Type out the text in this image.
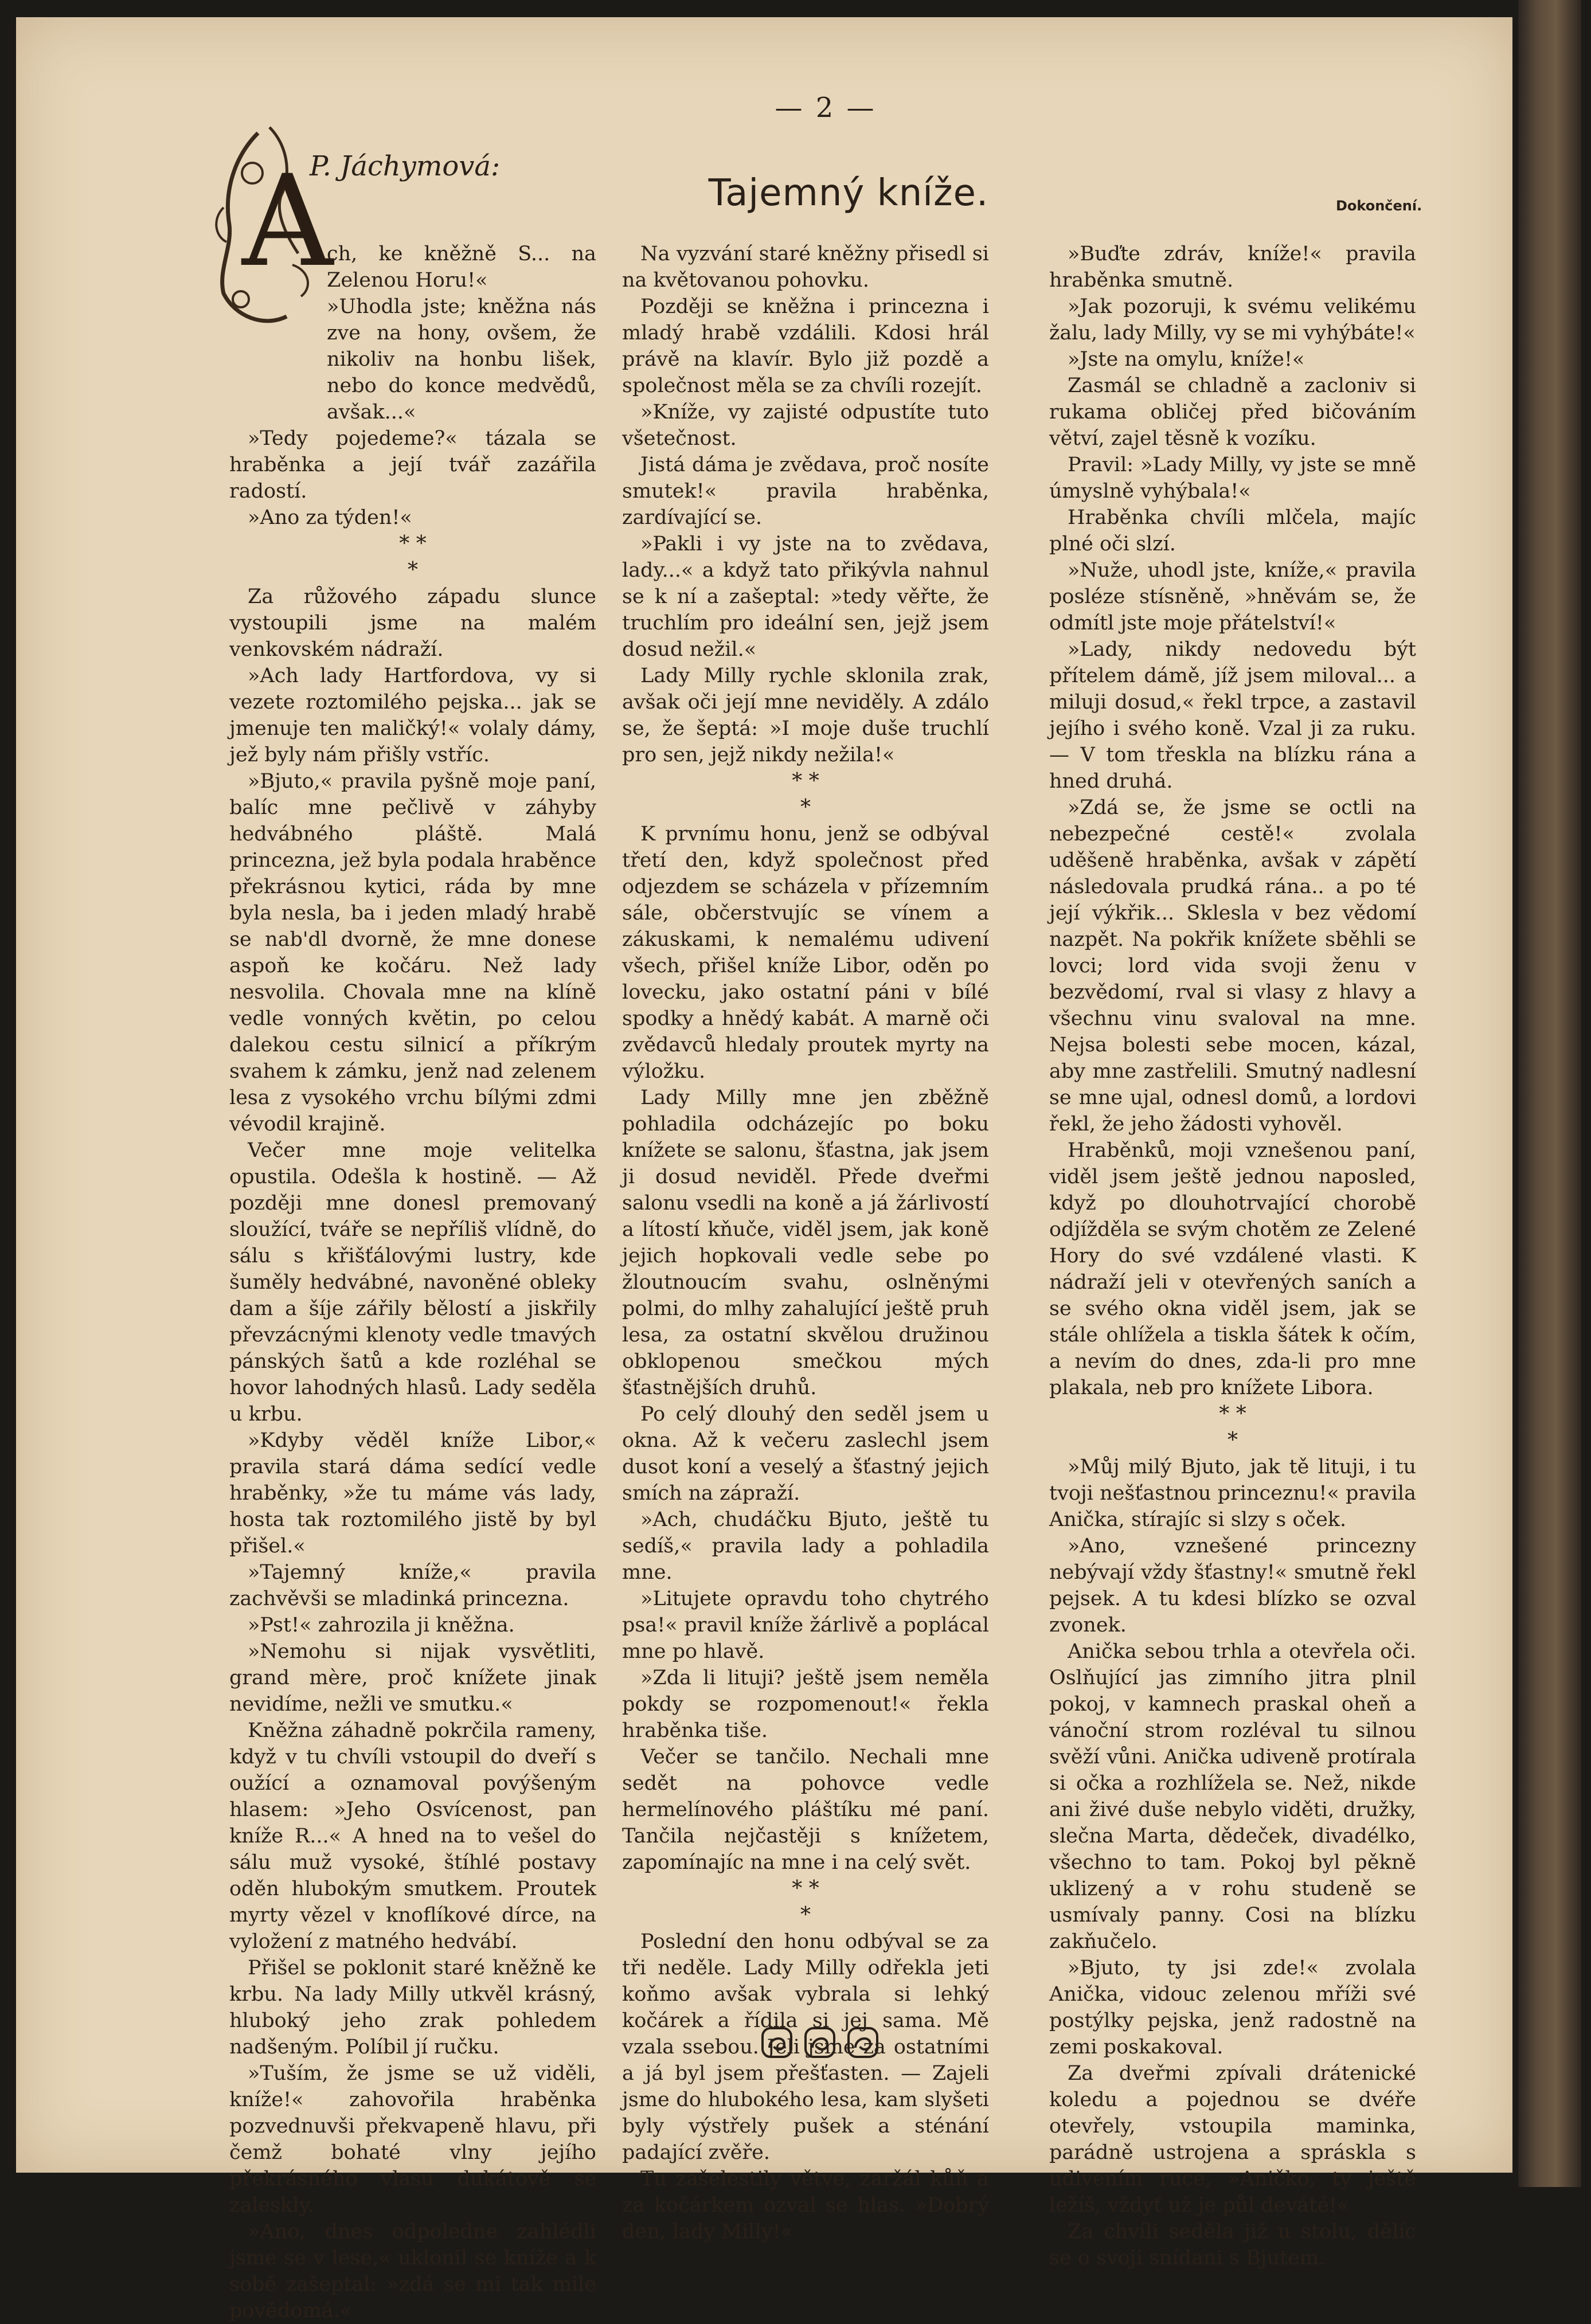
— 2 —
A
P. Jáchymová:
Tajemný kníže.	Dokončení.

ch, ke kněžně S... na Zelenou Horu!«

»Uhodla jste; kněžna nás zve na hony, ovšem, že nikoliv na honbu lišek, nebo do konce medvědů, avšak...«

»Tedy pojedeme?« tázala se hraběnka a její tvář zazářila radostí.

»Ano za týden!«

* *
*

Za růžového západu slunce vystoupili jsme na malém venkovském nádraží.

»Ach lady Hartfordova, vy si vezete roztomilého pejska... jak se jmenuje ten maličký!« volaly dámy, jež byly nám přišly vstříc.

»Bjuto,« pravila pyšně moje paní, balíc mne pečlivě v záhyby hedvábného pláště. Malá princezna, jež byla podala hraběnce překrásnou kytici, ráda by mne byla nesla, ba i jeden mladý hrabě se nab'dl dvorně, že mne donese aspoň ke kočáru. Než lady nesvolila. Chovala mne na klíně vedle vonných květin, po celou dalekou cestu silnicí a příkrým svahem k zámku, jenž nad zelenem lesa z vysokého vrchu bílými zdmi vévodil krajině.

Večer mne moje velitelka opustila. Odešla k hostině. — Až později mne donesl premovaný sloužící, tváře se nepříliš vlídně, do sálu s křišťálovými lustry, kde šuměly hedvábné, navoněné obleky dam a šíje zářily bělostí a jiskřily převzácnými klenoty vedle tmavých pánských šatů a kde rozléhal se hovor lahodných hlasů. Lady seděla u krbu.

»Kdyby věděl kníže Libor,« pravila stará dáma sedící vedle hraběnky, »že tu máme vás lady, hosta tak roztomilého jistě by byl přišel.«

»Tajemný kníže,« pravila zachvěvši se mladinká princezna.

»Pst!« zahrozila ji kněžna.

»Nemohu si nijak vysvětliti, grand mère, proč knížete jinak nevidíme, nežli ve smutku.«

Kněžna záhadně pokrčila rameny, když v tu chvíli vstoupil do dveří s oužící a oznamoval povýšeným hlasem: »Jeho Osvícenost, pan kníže R...« A hned na to vešel do sálu muž vysoké, štíhlé postavy oděn hlubokým smutkem. Proutek myrty vězel v knoflíkové dírce, na vyložení z matného hedvábí.

Přišel se poklonit staré kněžně ke krbu. Na lady Milly utkvěl krásný, hluboký jeho zrak pohledem nadšeným. Políbil jí ručku.

»Tuším, že jsme se už viděli, kníže!« zahovořila hraběnka pozvednuvši překvapeně hlavu, při čemž bohaté vlny jejího překrásného vlasu dukátově se zaleskly.

»Ano, dnes odpoledne zahlédli jsme se v lese,« uklonil se kníže a k sobě zašeptal: »zdá se mi tak mile povědomá.«

Na vyzvání staré kněžny přisedl si na květovanou pohovku.

Později se kněžna i princezna i mladý hrabě vzdálili. Kdosi hrál právě na klavír. Bylo již pozdě a společnost měla se za chvíli rozejít.

»Kníže, vy zajisté odpustíte tuto všetečnost.

Jistá dáma je zvědava, proč nosíte smutek!« pravila hraběnka, zardívající se.

»Pakli i vy jste na to zvědava, lady...« a když tato přikývla nahnul se k ní a zašeptal: »tedy věřte, že truchlím pro ideální sen, jejž jsem dosud nežil.«

Lady Milly rychle sklonila zrak, avšak oči její mne neviděly. A zdálo se, že šeptá: »I moje duše truchlí pro sen, jejž nikdy nežila!«

* *
*

K prvnímu honu, jenž se odbýval třetí den, když společnost před odjezdem se scházela v přízemním sále, občerstvujíc se vínem a zákuskami, k nemalému udivení všech, přišel kníže Libor, oděn po lovecku, jako ostatní páni v bílé spodky a hnědý kabát. A marně oči zvědavců hledaly proutek myrty na výložku.

Lady Milly mne jen zběžně pohladila odcházejíc po boku knížete se salonu, šťastna, jak jsem ji dosud neviděl. Přede dveřmi salonu vsedli na koně a já žárlivostí a lítostí kňuče, viděl jsem, jak koně jejich hopkovali vedle sebe po žloutnoucím svahu, oslněnými polmi, do mlhy zahalující ještě pruh lesa, za ostatní skvělou družinou obklopenou smečkou mých šťastnějších druhů.

Po celý dlouhý den seděl jsem u okna. Až k večeru zaslechl jsem dusot koní a veselý a šťastný jejich smích na zápraží.

»Ach, chudáčku Bjuto, ještě tu sedíš,« pravila lady a pohladila mne.

»Litujete opravdu toho chytrého psa!« pravil kníže žárlivě a poplácal mne po hlavě.

»Zda li lituji? ještě jsem neměla pokdy se rozpomenout!« řekla hraběnka tiše.

Večer se tančilo. Nechali mne sedět na pohovce vedle hermelínového pláštíku mé paní. Tančila nejčastěji s knížetem, zapomínajíc na mne i na celý svět.

* *
*

Poslední den honu odbýval se za tři neděle. Lady Milly odřekla jeti koňmo avšak vybrala si lehký kočárek a řídila si jej sama. Mě vzala ssebou. Jeli jsme za ostatními a já byl jsem přešťasten. — Zajeli jsme do hlubokého lesa, kam slyšeti byly výstřely pušek a sténání padající zvěře.

Tu zašelestily větve, zaržál kůň a za kočárkem ozval se hlas. »Dobrý den, lady Milly!«

»Buďte zdráv, kníže!« pravila hraběnka smutně.

»Jak pozoruji, k svému velikému žalu, lady Milly, vy se mi vyhýbáte!«

»Jste na omylu, kníže!«

Zasmál se chladně a zacloniv si rukama obličej před bičováním větví, zajel těsně k vozíku.

Pravil: »Lady Milly, vy jste se mně úmyslně vyhýbala!«

Hraběnka chvíli mlčela, majíc plné oči slzí.

»Nuže, uhodl jste, kníže,« pravila posléze stísněně, »hněvám se, že odmítl jste moje přátelství!«

»Lady, nikdy nedovedu být přítelem dámě, jíž jsem miloval... a miluji dosud,« řekl trpce, a zastavil jejího i svého koně. Vzal ji za ruku. — V tom třeskla na blízku rána a hned druhá.

»Zdá se, že jsme se octli na nebezpečné cestě!« zvolala uděšeně hraběnka, avšak v zápětí následovala prudká rána.. a po té její výkřik... Sklesla v bez vědomí nazpět. Na pokřik knížete sběhli se lovci; lord vida svoji ženu v bezvědomí, rval si vlasy z hlavy a všechnu vinu svaloval na mne. Nejsa bolesti sebe mocen, kázal, aby mne zastřelili. Smutný nadlesní se mne ujal, odnesl domů, a lordovi řekl, že jeho žádosti vyhověl.

Hraběnků, moji vznešenou paní, viděl jsem ještě jednou naposled, když po dlouhotrvající chorobě odjížděla se svým chotěm ze Zelené Hory do své vzdálené vlasti. K nádraží jeli v otevřených saních a se svého okna viděl jsem, jak se stále ohlížela a tiskla šátek k očím, a nevím do dnes, zda-li pro mne plakala, neb pro knížete Libora.

* *
*

»Můj milý Bjuto, jak tě lituji, i tu tvoji nešťastnou princeznu!« pravila Anička, stírajíc si slzy s oček.

»Ano, vznešené princezny nebývají vždy šťastny!« smutně řekl pejsek. A tu kdesi blízko se ozval zvonek.

Anička sebou trhla a otevřela oči. Oslňující jas zimního jitra plnil pokoj, v kamnech praskal oheň a vánoční strom rozléval tu silnou svěží vůni. Anička udiveně protírala si očka a rozhlížela se. Než, nikde ani živé duše nebylo viděti, družky, slečna Marta, dědeček, divadélko, všechno to tam. Pokoj byl pěkně uklizený a v rohu studeně se usmívaly panny. Cosi na blízku zakňučelo.

»Bjuto, ty jsi zde!« zvolala Anička, vidouc zelenou mříži své postýlky pejska, jenž radostně na zemi poskakoval.

Za dveřmi zpívali drátenické koledu a pojednou se dvéře otevřely, vstoupila maminka, parádně ustrojena a spráskla s udivením ruce, »Aničko, ty ještě ležíš, vždyť už je půl deváté!«

Za chvíli seděla již u stolu, dělíc se o svoji snídani s Bjutem.
